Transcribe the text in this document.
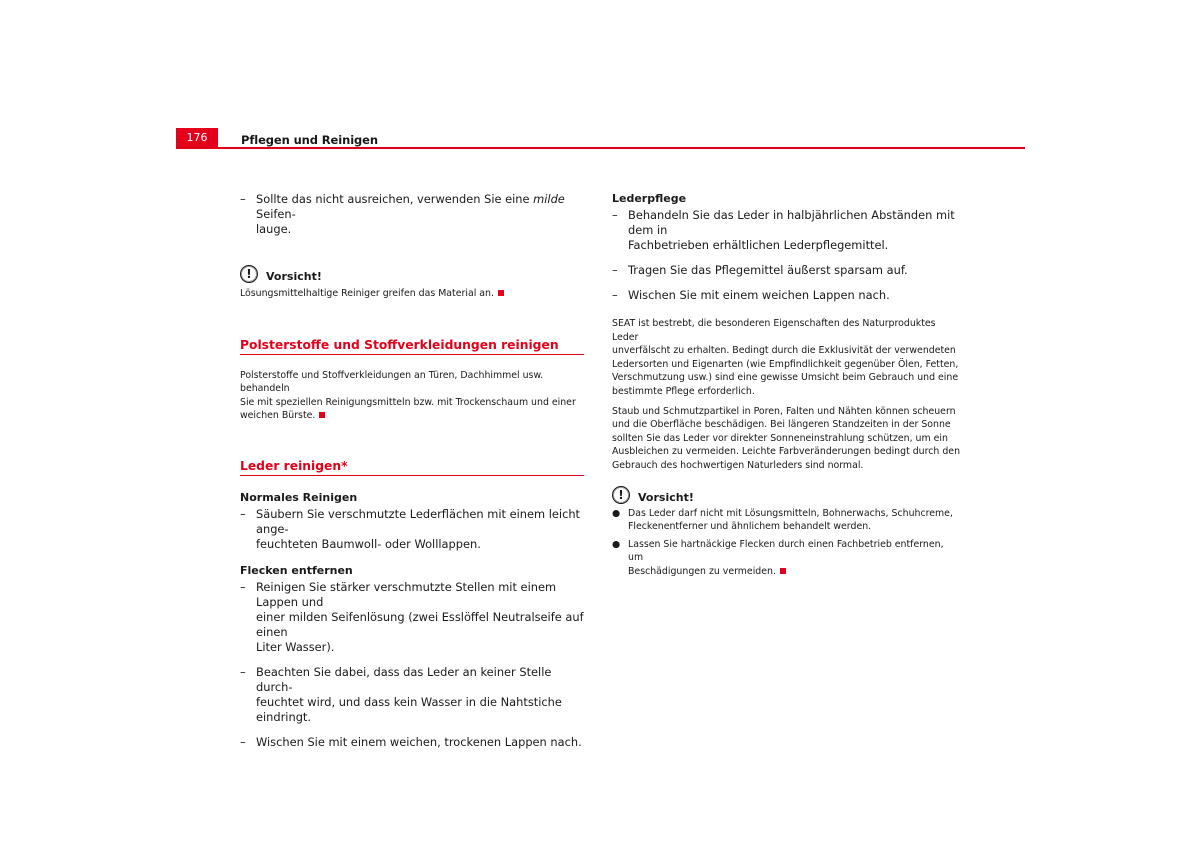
176	Pflegen und Reinigen
– Sollte das nicht ausreichen, verwenden Sie eine milde Seifen-
lauge.
!	Vorsicht!

Lösungsmittelhaltige Reiniger greifen das Material an.

Polsterstoffe und Stoffverkleidungen reinigen

Polsterstoffe und Stoffverkleidungen an Türen, Dachhimmel usw. behandeln
Sie mit speziellen Reinigungsmitteln bzw. mit Trockenschaum und einer
weichen Bürste.

Leder reinigen*

Normales Reinigen

– Säubern Sie verschmutzte Lederflächen mit einem leicht ange-
feuchteten Baumwoll- oder Wolllappen.

Flecken entfernen

– Reinigen Sie stärker verschmutzte Stellen mit einem Lappen und
einer milden Seifenlösung (zwei Esslöffel Neutralseife auf einen
Liter Wasser).
– Beachten Sie dabei, dass das Leder an keiner Stelle durch-
feuchtet wird, und dass kein Wasser in die Nahtstiche eindringt.
– Wischen Sie mit einem weichen, trockenen Lappen nach.

Lederpflege

– Behandeln Sie das Leder in halbjährlichen Abständen mit dem in
Fachbetrieben erhältlichen Lederpflegemittel.
– Tragen Sie das Pflegemittel äußerst sparsam auf.
– Wischen Sie mit einem weichen Lappen nach.

SEAT ist bestrebt, die besonderen Eigenschaften des Naturproduktes Leder
unverfälscht zu erhalten. Bedingt durch die Exklusivität der verwendeten
Ledersorten und Eigenarten (wie Empfindlichkeit gegenüber Ölen, Fetten,
Verschmutzung usw.) sind eine gewisse Umsicht beim Gebrauch und eine
bestimmte Pflege erforderlich.

Staub und Schmutzpartikel in Poren, Falten und Nähten können scheuern
und die Oberfläche beschädigen. Bei längeren Standzeiten in der Sonne
sollten Sie das Leder vor direkter Sonneneinstrahlung schützen, um ein
Ausbleichen zu vermeiden. Leichte Farbveränderungen bedingt durch den
Gebrauch des hochwertigen Naturleders sind normal.

!	Vorsicht!
● Das Leder darf nicht mit Lösungsmitteln, Bohnerwachs, Schuhcreme,
Fleckenentferner und ähnlichem behandelt werden.

● Lassen Sie hartnäckige Flecken durch einen Fachbetrieb entfernen, um
Beschädigungen zu vermeiden.
